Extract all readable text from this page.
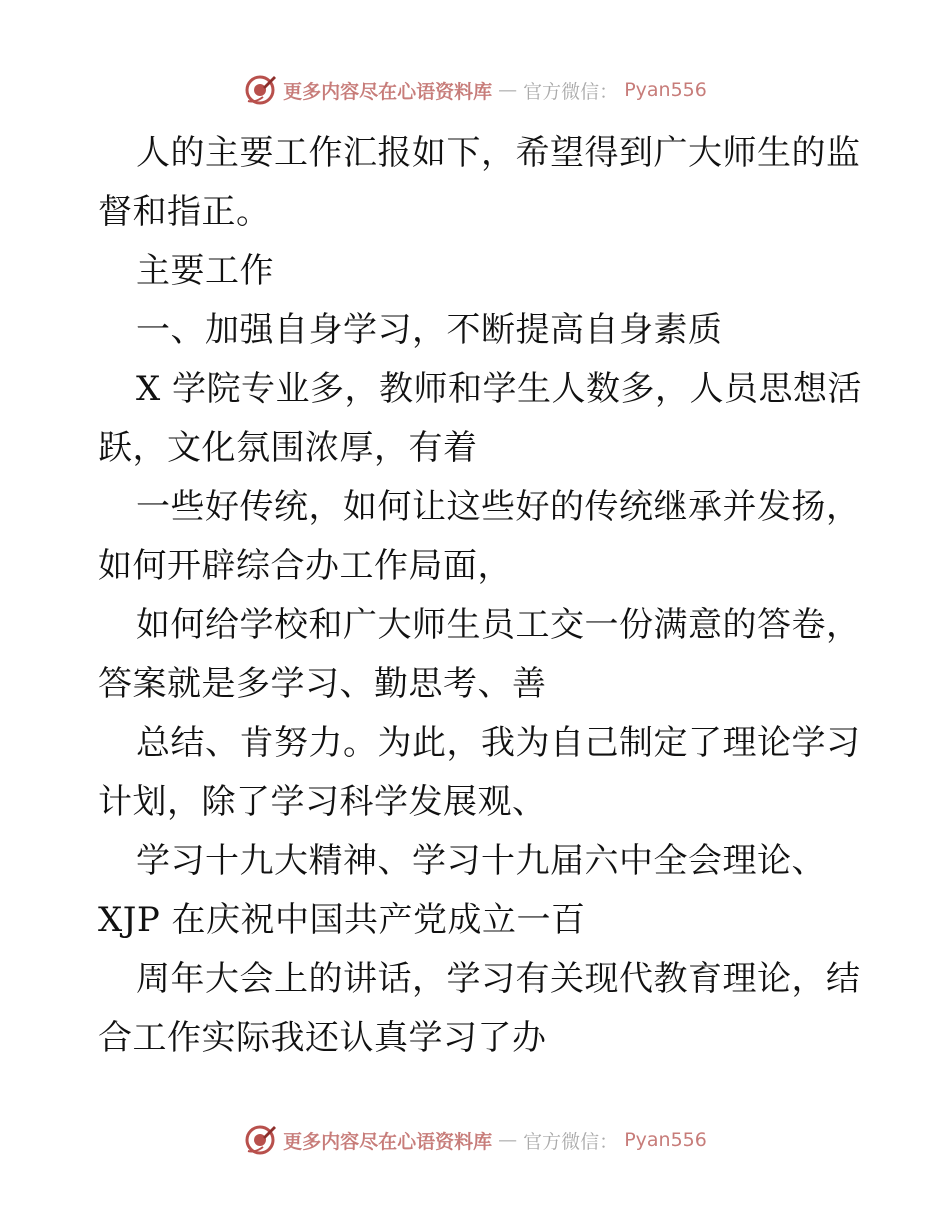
更多内容尽在心语资料库 — 官方微信： Pyan556

人的主要工作汇报如下，希望得到广大师生的监

督和指正。

主要工作

一、加强自身学习，不断提高自身素质

X 学院专业多，教师和学生人数多，人员思想活

跃，文化氛围浓厚，有着

一些好传统，如何让这些好的传统继承并发扬，

如何开辟综合办工作局面，

如何给学校和广大师生员工交一份满意的答卷，

答案就是多学习、勤思考、善

总结、肯努力。为此，我为自己制定了理论学习

计划，除了学习科学发展观、

学习十九大精神、学习十九届六中全会理论、

XJP 在庆祝中国共产党成立一百

周年大会上的讲话，学习有关现代教育理论，结

合工作实际我还认真学习了办

更多内容尽在心语资料库 — 官方微信： Pyan556
